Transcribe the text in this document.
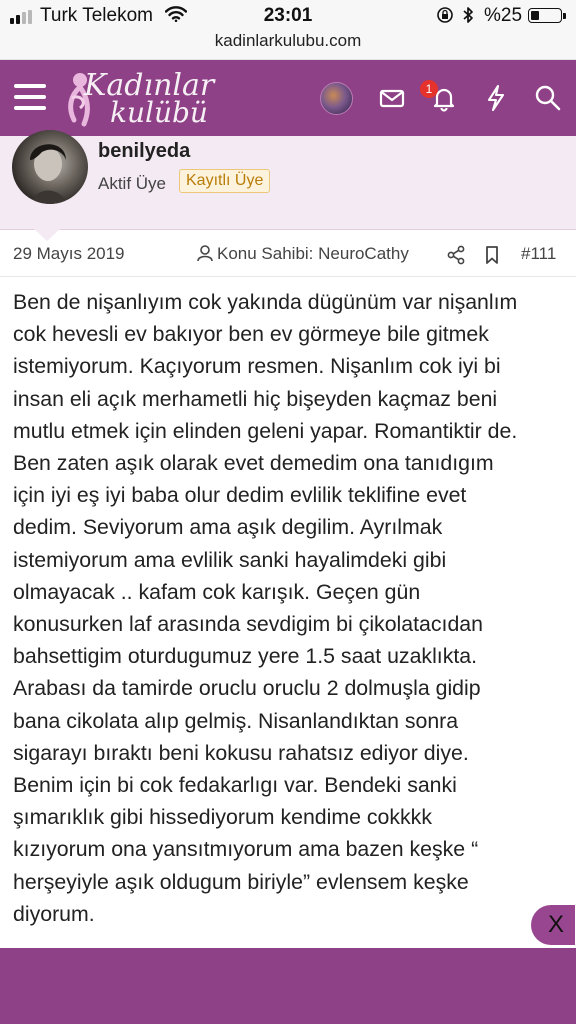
Turk Telekom	23:01	%25
kadinlarkulubu.com
Kadınlar
kulübü
1
benilyeda
Aktif Üye	Kayıtlı Üye
29 Mayıs 2019	Konu Sahibi: NeuroCathy	#111

Ben de nişanlıyım cok yakında dügünüm var nişanlım

cok hevesli ev bakıyor ben ev görmeye bile gitmek

istemiyorum. Kaçıyorum resmen. Nişanlım cok iyi bi

insan eli açık merhametli hiç bişeyden kaçmaz beni

mutlu etmek için elinden geleni yapar. Romantiktir de.

Ben zaten aşık olarak evet demedim ona tanıdıgım

için iyi eş iyi baba olur dedim evlilik teklifine evet

dedim. Seviyorum ama aşık degilim. Ayrılmak

istemiyorum ama evlilik sanki hayalimdeki gibi

olmayacak .. kafam cok karışık. Geçen gün

konusurken laf arasında sevdigim bi çikolatacıdan

bahsettigim oturdugumuz yere 1.5 saat uzaklıkta.

Arabası da tamirde oruclu oruclu 2 dolmuşla gidip

bana cikolata alıp gelmiş. Nisanlandıktan sonra

sigarayı bıraktı beni kokusu rahatsız ediyor diye.

Benim için bi cok fedakarlıgı var. Bendeki sanki

şımarıklık gibi hissediyorum kendime cokkkk

kızıyorum ona yansıtmıyorum ama bazen keşke “

herşeyiyle aşık oldugum biriyle” evlensem keşke

diyorum.	X
